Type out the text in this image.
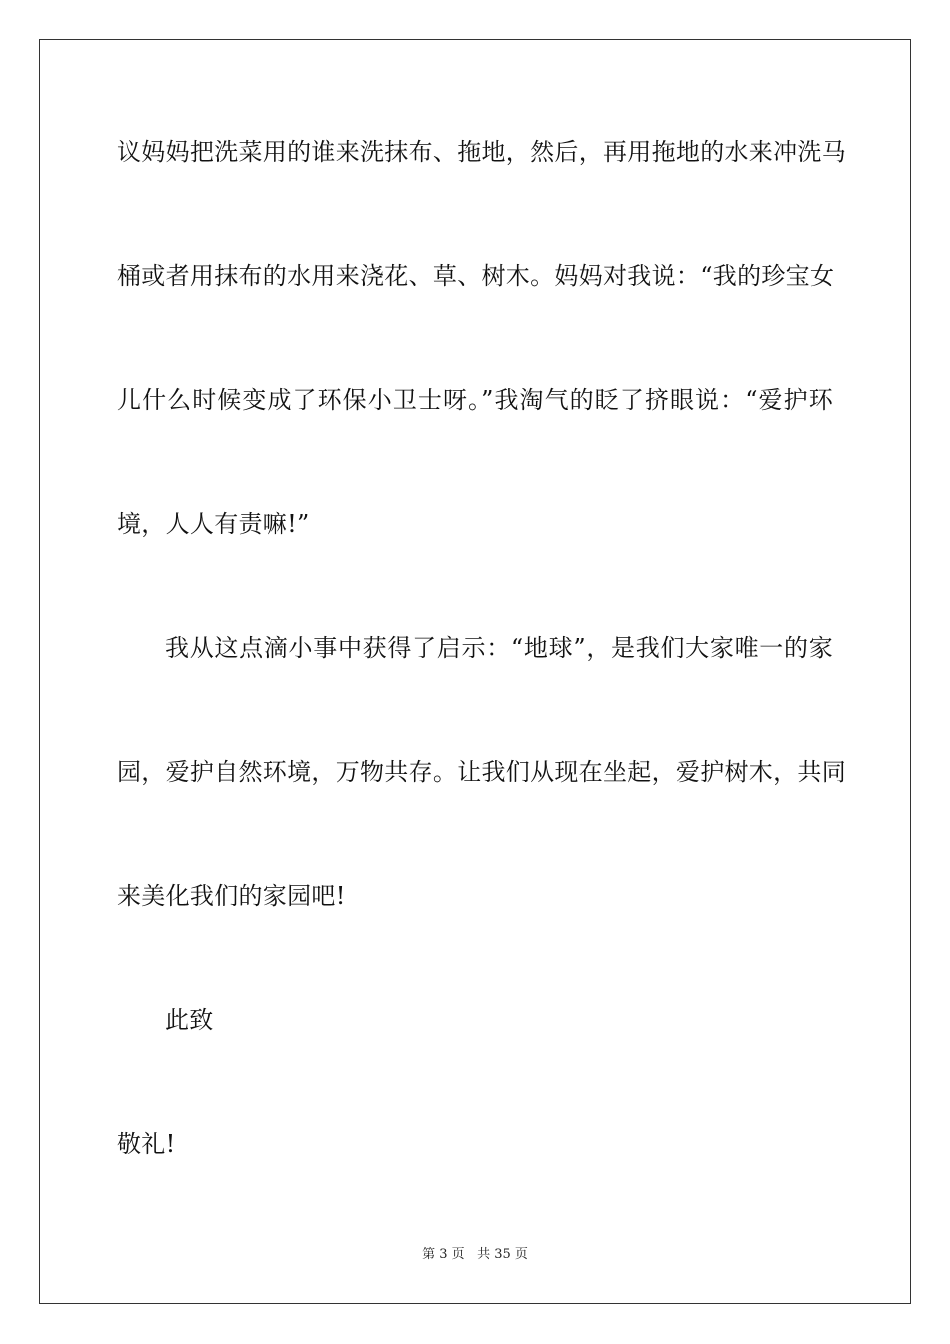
议妈妈把洗菜用的谁来洗抹布、拖地，然后，再用拖地的水来冲洗马
桶或者用抹布的水用来浇花、草、树木。妈妈对我说：“我的珍宝女
儿什么时候变成了环保小卫士呀。”我淘气的眨了挤眼说：“爱护环
境，人人有责嘛!”
我从这点滴小事中获得了启示：“地球”，是我们大家唯一的家
园，爱护自然环境，万物共存。让我们从现在坐起，爱护树木，共同
来美化我们的家园吧!
此致
敬礼!
第 3 页 共 35 页
